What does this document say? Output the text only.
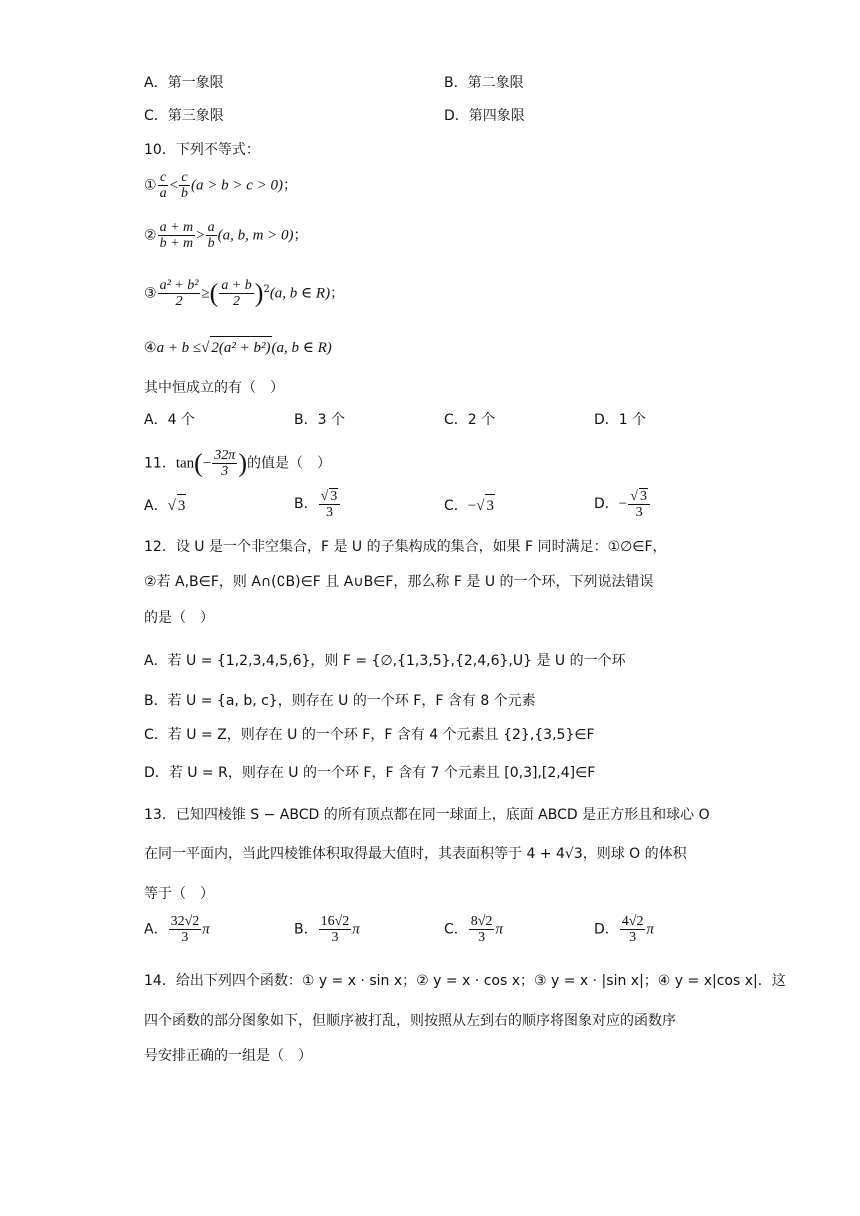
A．第一象限	B．第二象限
C．第三象限	D．第四象限
10．下列不等式：
① $\frac{c}{a} < \frac{c}{b} (a > b > c > 0)$；
② $\frac{a + m}{b + m} > \frac{a}{b} (a$, b, m > 0)；
③ $\frac{\text{a² + b²}}{2}$ ≥( $\frac{a + b}{2} )^2(a$, b ∈ R)；
④a + b ≤√ 2(a² + b²)(a, b ∈ R)
其中恒成立的有（　）
A．4 个	B．3 个	C．2 个	D．1 个
11．$\tan(- \frac{32\pi}{3}$ )的值是（　）
A．√ 3	B． $\frac{√ 3}{3}$	C．−√ 3	D．− $\frac{√ 3}{3}$
12．设 U 是一个非空集合，F 是 U 的子集构成的集合，如果 F 同时满足：①∅∈F，
②若 A,B∈F，则 A∩(∁B)∈F 且 A∪B∈F，那么称 F 是 U 的一个环，下列说法错误
的是（　）
A．若 U = {1,2,3,4,5,6}，则 F = {∅,{1,3,5},{2,4,6},U} 是 U 的一个环
B．若 U = {a, b, c}，则存在 U 的一个环 F，F 含有 8 个元素
C．若 U = Z，则存在 U 的一个环 F，F 含有 4 个元素且 {2},{3,5}∈F
D．若 U = R，则存在 U 的一个环 F，F 含有 7 个元素且 [0,3],[2,4]∈F
13．已知四棱锥 S − ABCD 的所有顶点都在同一球面上，底面 ABCD 是正方形且和球心 O
在同一平面内，当此四棱锥体积取得最大值时，其表面积等于 4 + 4√3，则球 O 的体积
等于（　）
A． $\frac{32√2}{3}$ π	B． $\frac{16√2}{3}$ π	C． $\frac{8√2}{3}$ π	D． $\frac{4√2}{3}$ π
14．给出下列四个函数：① y = x · sin x；② y = x · cos x；③ y = x · |sin x|；④ y = x|cos x|．这
四个函数的部分图象如下，但顺序被打乱，则按照从左到右的顺序将图象对应的函数序
号安排正确的一组是（　）
